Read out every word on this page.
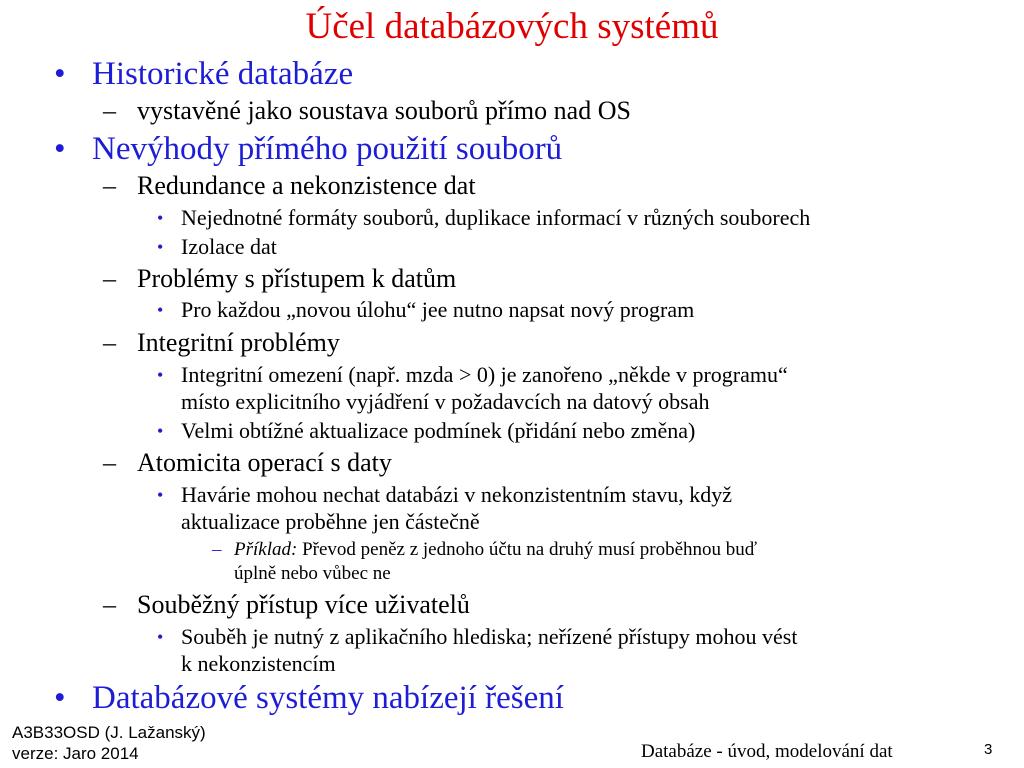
Účel databázových systémů
• Historické databáze
– vystavěné jako soustava souborů přímo nad OS
• Nevýhody přímého použití souborů
– Redundance a nekonzistence dat
• Nejednotné formáty souborů, duplikace informací v různých souborech
• Izolace dat
– Problémy s přístupem k datům
• Pro každou „novou úlohu“ jee nutno napsat nový program
– Integritní problémy
• Integritní omezení (např. mzda > 0) je zanořeno „někde v programu“
místo explicitního vyjádření v požadavcích na datový obsah
• Velmi obtížné aktualizace podmínek (přidání nebo změna)
– Atomicita operací s daty
• Havárie mohou nechat databázi v nekonzistentním stavu, když
aktualizace proběhne jen částečně
– Příklad: Převod peněz z jednoho účtu na druhý musí proběhnou buď
úplně nebo vůbec ne
– Souběžný přístup více uživatelů
• Souběh je nutný z aplikačního hlediska; neřízené přístupy mohou vést
k nekonzistencím
• Databázové systémy nabízejí řešení
A3B33OSD (J. Lažanský)
verze: Jaro 2014	Databáze - úvod, modelování dat	3
